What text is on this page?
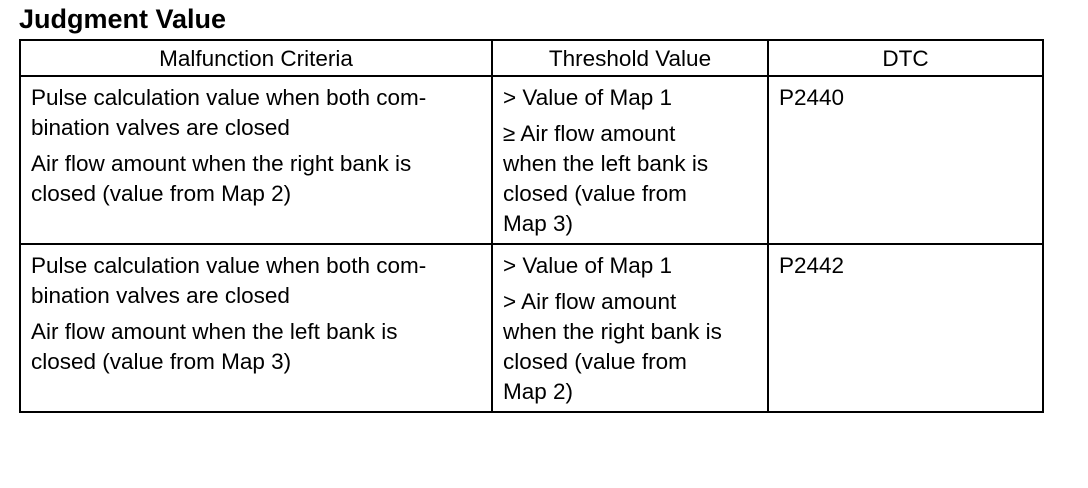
Judgment Value
Malfunction Criteria	Threshold Value	DTC

Pulse calculation value when both com-
bination valves are closed
Air flow amount when the right bank is
closed (value from Map 2)	> Value of Map 1
≥ Air flow amount
when the left bank is
closed (value from
Map 3)	P2440

Pulse calculation value when both com-
bination valves are closed
Air flow amount when the left bank is
closed (value from Map 3)	> Value of Map 1
> Air flow amount
when the right bank is
closed (value from
Map 2)	P2442
